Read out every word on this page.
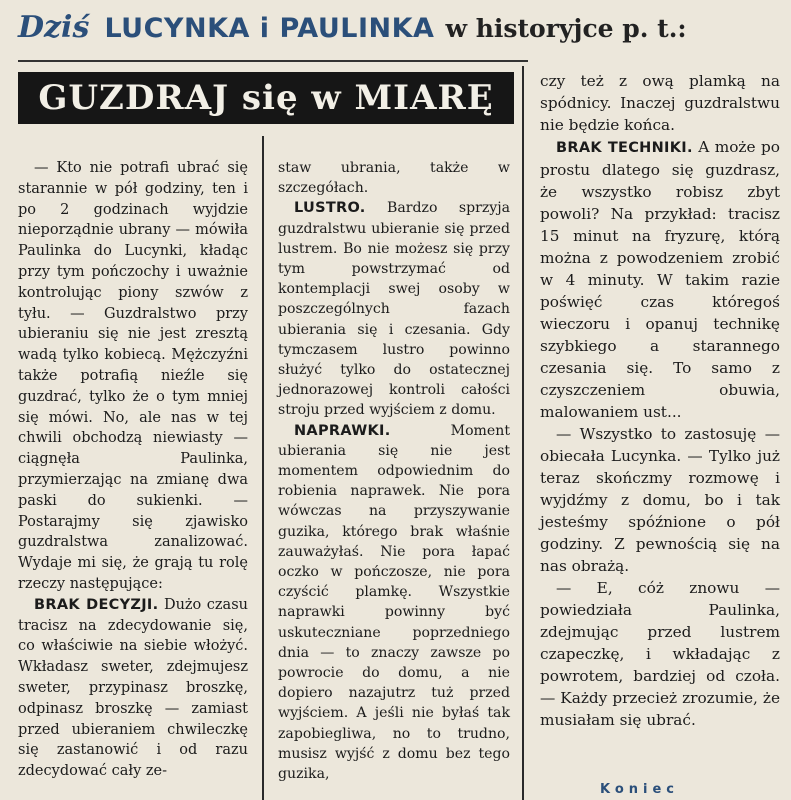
Dziś LUCYNKA i PAULINKA w historyjce p. t.:
GUZDRAJ się w MIARĘ

— Kto nie potrafi ubrać się starannie w pół godziny, ten i po 2 godzinach wyjdzie nieporządnie ubrany — mówiła Paulinka do Lucynki, kładąc przy tym pończochy i uważnie kontrolując piony szwów z tyłu. — Guzdralstwo przy ubieraniu się nie jest zresztą wadą tylko kobiecą. Mężczyźni także potrafią nieźle się guzdrać, tylko że o tym mniej się mówi. No, ale nas w tej chwili obchodzą niewiasty — ciągnęła Paulinka, przymierzając na zmianę dwa paski do sukienki. — Postarajmy się zjawisko guzdralstwa zanalizować. Wydaje mi się, że grają tu rolę rzeczy następujące:

BRAK DECYZJI. Dużo czasu tracisz na zdecydowanie się, co właściwie na siebie włożyć. Wkładasz sweter, zdejmujesz sweter, przypinasz broszkę, odpinasz broszkę — zamiast przed ubieraniem chwileczkę się zastanowić i od razu zdecydować cały ze-

staw ubrania, także w szczegółach.

LUSTRO. Bardzo sprzyja guzdralstwu ubieranie się przed lustrem. Bo nie możesz się przy tym powstrzymać od kontemplacji swej osoby w poszczególnych fazach ubierania się i czesania. Gdy tymczasem lustro powinno służyć tylko do ostatecznej jednorazowej kontroli całości stroju przed wyjściem z domu.

NAPRAWKI. Moment ubierania się nie jest momentem odpowiednim do robienia naprawek. Nie pora wówczas na przyszywanie guzika, którego brak właśnie zauważyłaś. Nie pora łapać oczko w pończosze, nie pora czyścić plamkę. Wszystkie naprawki powinny być uskuteczniane poprzedniego dnia — to znaczy zawsze po powrocie do domu, a nie dopiero nazajutrz tuż przed wyjściem. A jeśli nie byłaś tak zapobiegliwa, no to trudno, musisz wyjść z domu bez tego guzika,

czy też z ową plamką na spódnicy. Inaczej guzdralstwu nie będzie końca.

BRAK TECHNIKI. A może po prostu dlatego się guzdrasz, że wszystko robisz zbyt powoli? Na przykład: tracisz 15 minut na fryzurę, którą można z powodzeniem zrobić w 4 minuty. W takim razie poświęć czas któregoś wieczoru i opanuj technikę szybkiego a starannego czesania się. To samo z czyszczeniem obuwia, malowaniem ust...

— Wszystko to zastosuję — obiecała Lucynka. — Tylko już teraz skończmy rozmowę i wyjdźmy z domu, bo i tak jesteśmy spóźnione o pół godziny. Z pewnością się na nas obrażą.

— E, cóż znowu — powiedziała Paulinka, zdejmując przed lustrem czapeczkę, i wkładając z powrotem, bardziej od czoła. — Każdy przecież zrozumie, że musiałam się ubrać.

Koniec
